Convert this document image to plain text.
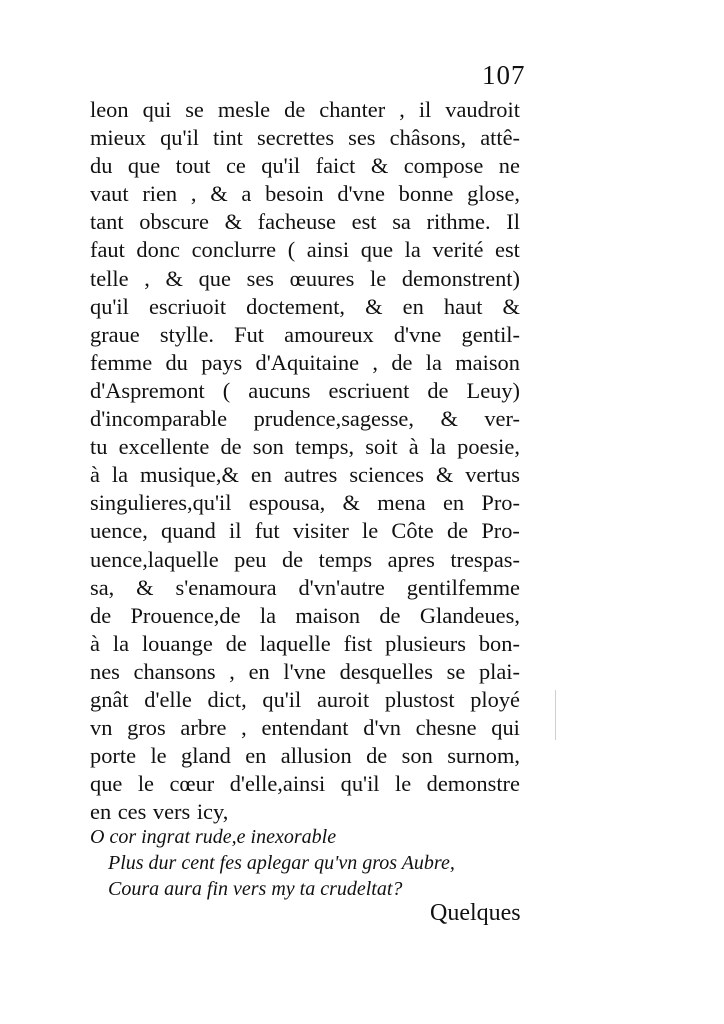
107
leon qui se mesle de chanter , il vaudroit
mieux qu'il tint secrettes ses châsons, attê-
du que tout ce qu'il faict & compose ne
vaut rien , & a besoin d'vne bonne glose,
tant obscure & facheuse est sa rithme. Il
faut donc conclurre ( ainsi que la verité est
telle , & que ses œuures le demonstrent)
qu'il escriuoit doctement, & en haut &
graue stylle. Fut amoureux d'vne gentil-
femme du pays d'Aquitaine , de la maison
d'Aspremont ( aucuns escriuent de Leuy)
d'incomparable prudence,sagesse, & ver-
tu excellente de son temps, soit à la poesie,
à la musique,& en autres sciences & vertus
singulieres,qu'il espousa, & mena en Pro-
uence, quand il fut visiter le Côte de Pro-
uence,laquelle peu de temps apres trespas-
sa, & s'enamoura d'vn'autre gentilfemme
de Prouence,de la maison de Glandeues,
à la louange de laquelle fist plusieurs bon-
nes chansons , en l'vne desquelles se plai-
gnât d'elle dict, qu'il auroit plustost ployé
vn gros arbre , entendant d'vn chesne qui
porte le gland en allusion de son surnom,
que le cœur d'elle,ainsi qu'il le demonstre
en ces vers icy,
O cor ingrat rude,e inexorable
Plus dur cent fes aplegar qu'vn gros Aubre,
Coura aura fin vers my ta crudeltat?
Quelques
